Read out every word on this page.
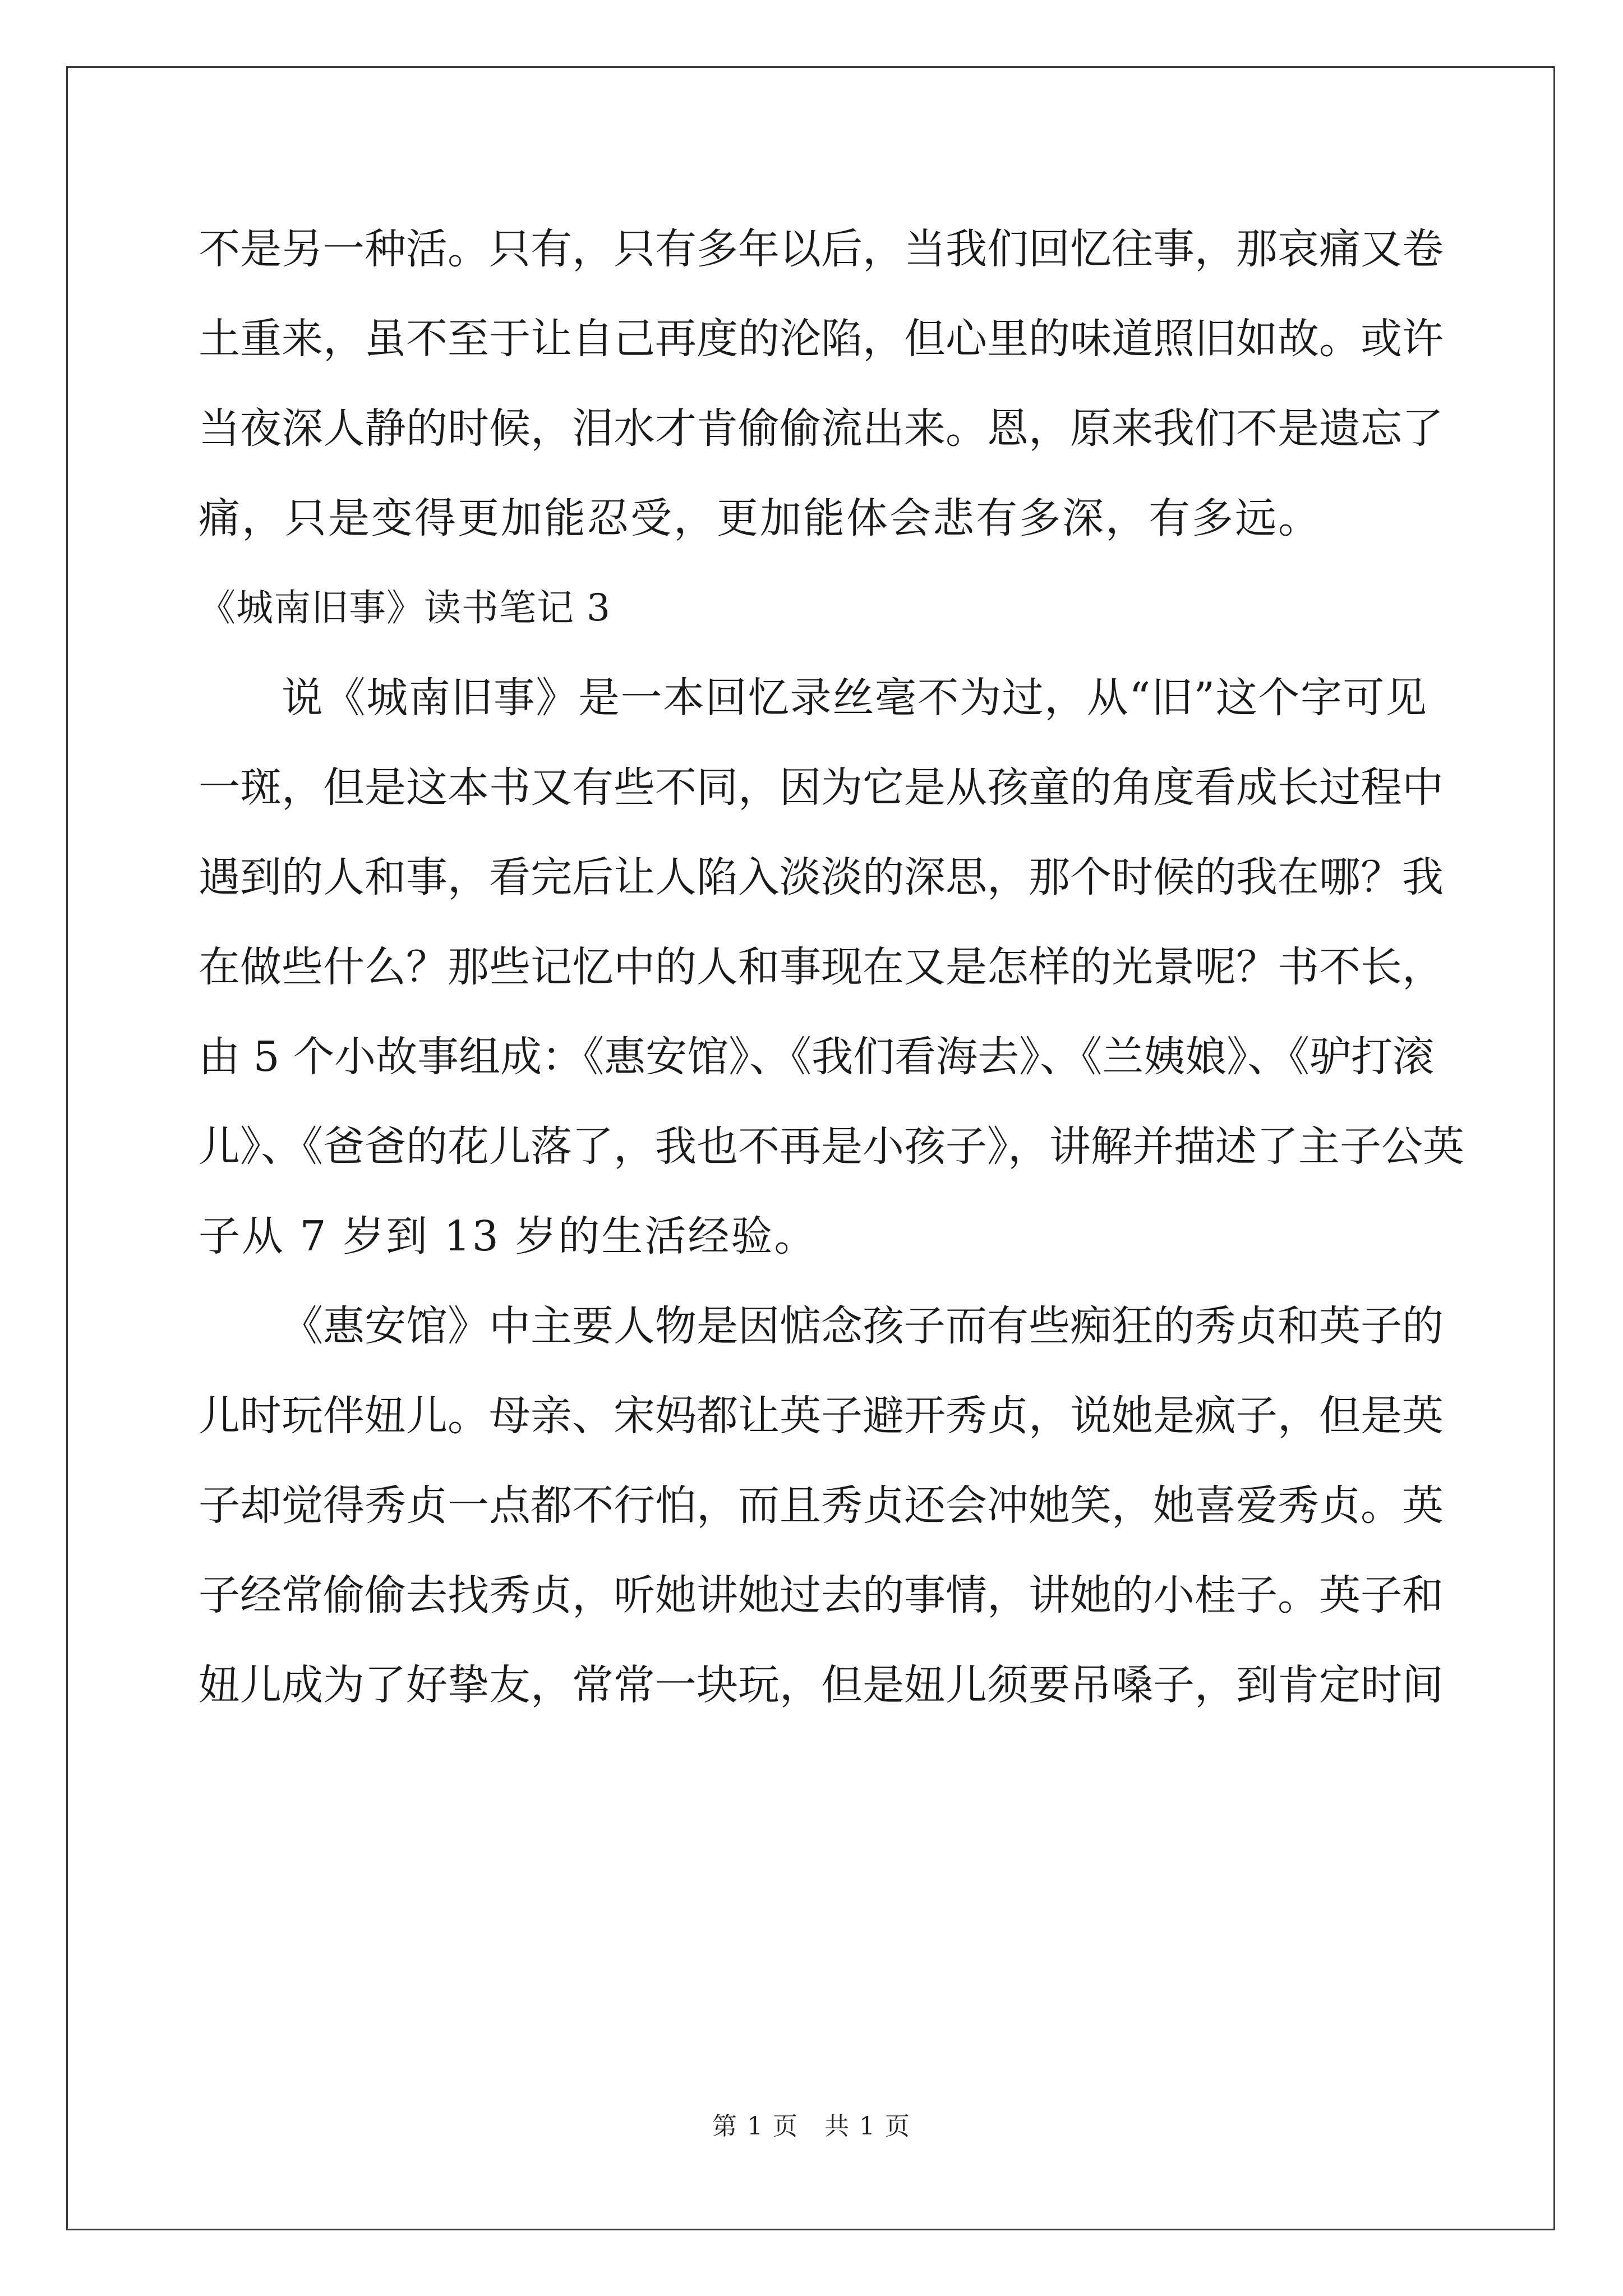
不是另一种活。只有，只有多年以后，当我们回忆往事，那哀痛又卷
土重来，虽不至于让自己再度的沦陷，但心里的味道照旧如故。或许
当夜深人静的时候，泪水才肯偷偷流出来。恩，原来我们不是遗忘了
痛，只是变得更加能忍受，更加能体会悲有多深，有多远。
《城南旧事》读书笔记 3
说《城南旧事》是一本回忆录丝毫不为过，从“旧”这个字可见
一斑，但是这本书又有些不同，因为它是从孩童的角度看成长过程中
遇到的人和事，看完后让人陷入淡淡的深思，那个时候的我在哪？我
在做些什么？那些记忆中的人和事现在又是怎样的光景呢？书不长，
由 5 个小故事组成：《惠安馆》、《我们看海去》、《兰姨娘》、《驴打滚
儿》、《爸爸的花儿落了，我也不再是小孩子》，讲解并描述了主子公英
子从 7 岁到 13 岁的生活经验。
《惠安馆》中主要人物是因惦念孩子而有些痴狂的秀贞和英子的
儿时玩伴妞儿。母亲、宋妈都让英子避开秀贞，说她是疯子，但是英
子却觉得秀贞一点都不行怕，而且秀贞还会冲她笑，她喜爱秀贞。英
子经常偷偷去找秀贞，听她讲她过去的事情，讲她的小桂子。英子和
妞儿成为了好挚友，常常一块玩，但是妞儿须要吊嗓子，到肯定时间
第 1 页　共 1 页
